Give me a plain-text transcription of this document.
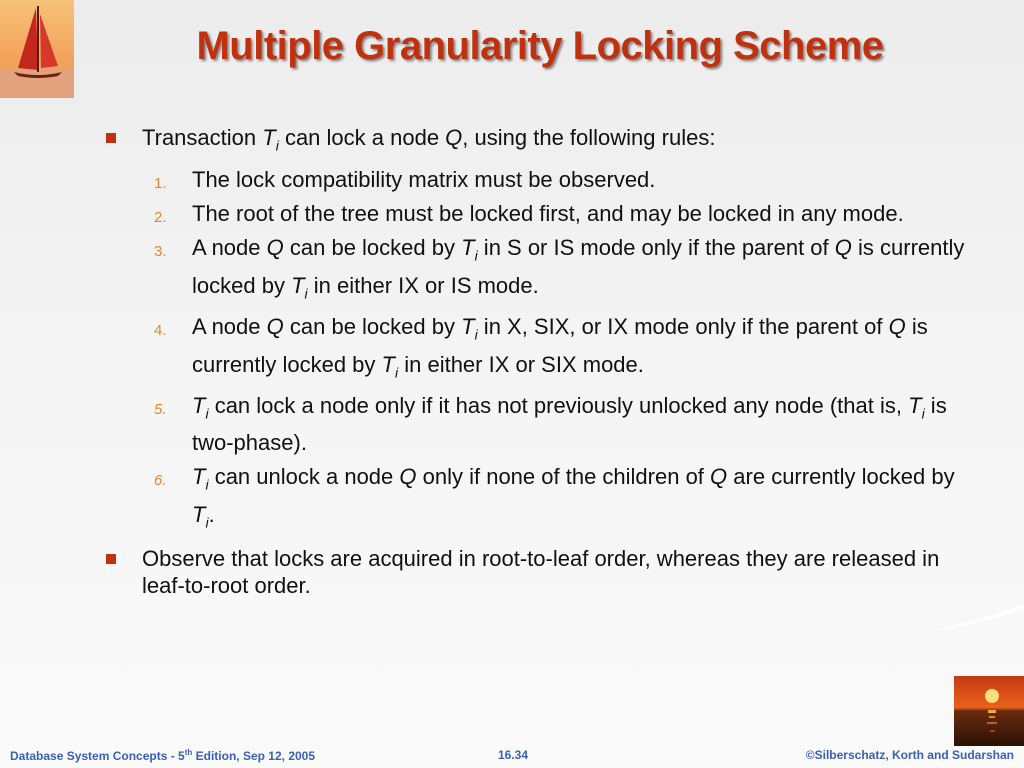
Multiple Granularity Locking Scheme
Transaction $T_i$ can lock a node Q, using the following rules:
1. The lock compatibility matrix must be observed.
2. The root of the tree must be locked first, and may be locked in any mode.
3. A node Q can be locked by $T_i$ in S or IS mode only if the parent of Q is currently locked by $T_i$ in either IX or IS mode.
4. A node Q can be locked by $T_i$ in X, SIX, or IX mode only if the parent of Q is currently locked by $T_i$ in either IX or SIX mode.
5. $T_i$ can lock a node only if it has not previously unlocked any node (that is, $T_i$ is two-phase).
6. $T_i$ can unlock a node Q only if none of the children of Q are currently locked by $T_i$.
Observe that locks are acquired in root-to-leaf order, whereas they are released in leaf-to-root order.
Database System Concepts - 5th Edition, Sep 12, 2005	16.34	©Silberschatz, Korth and Sudarshan
